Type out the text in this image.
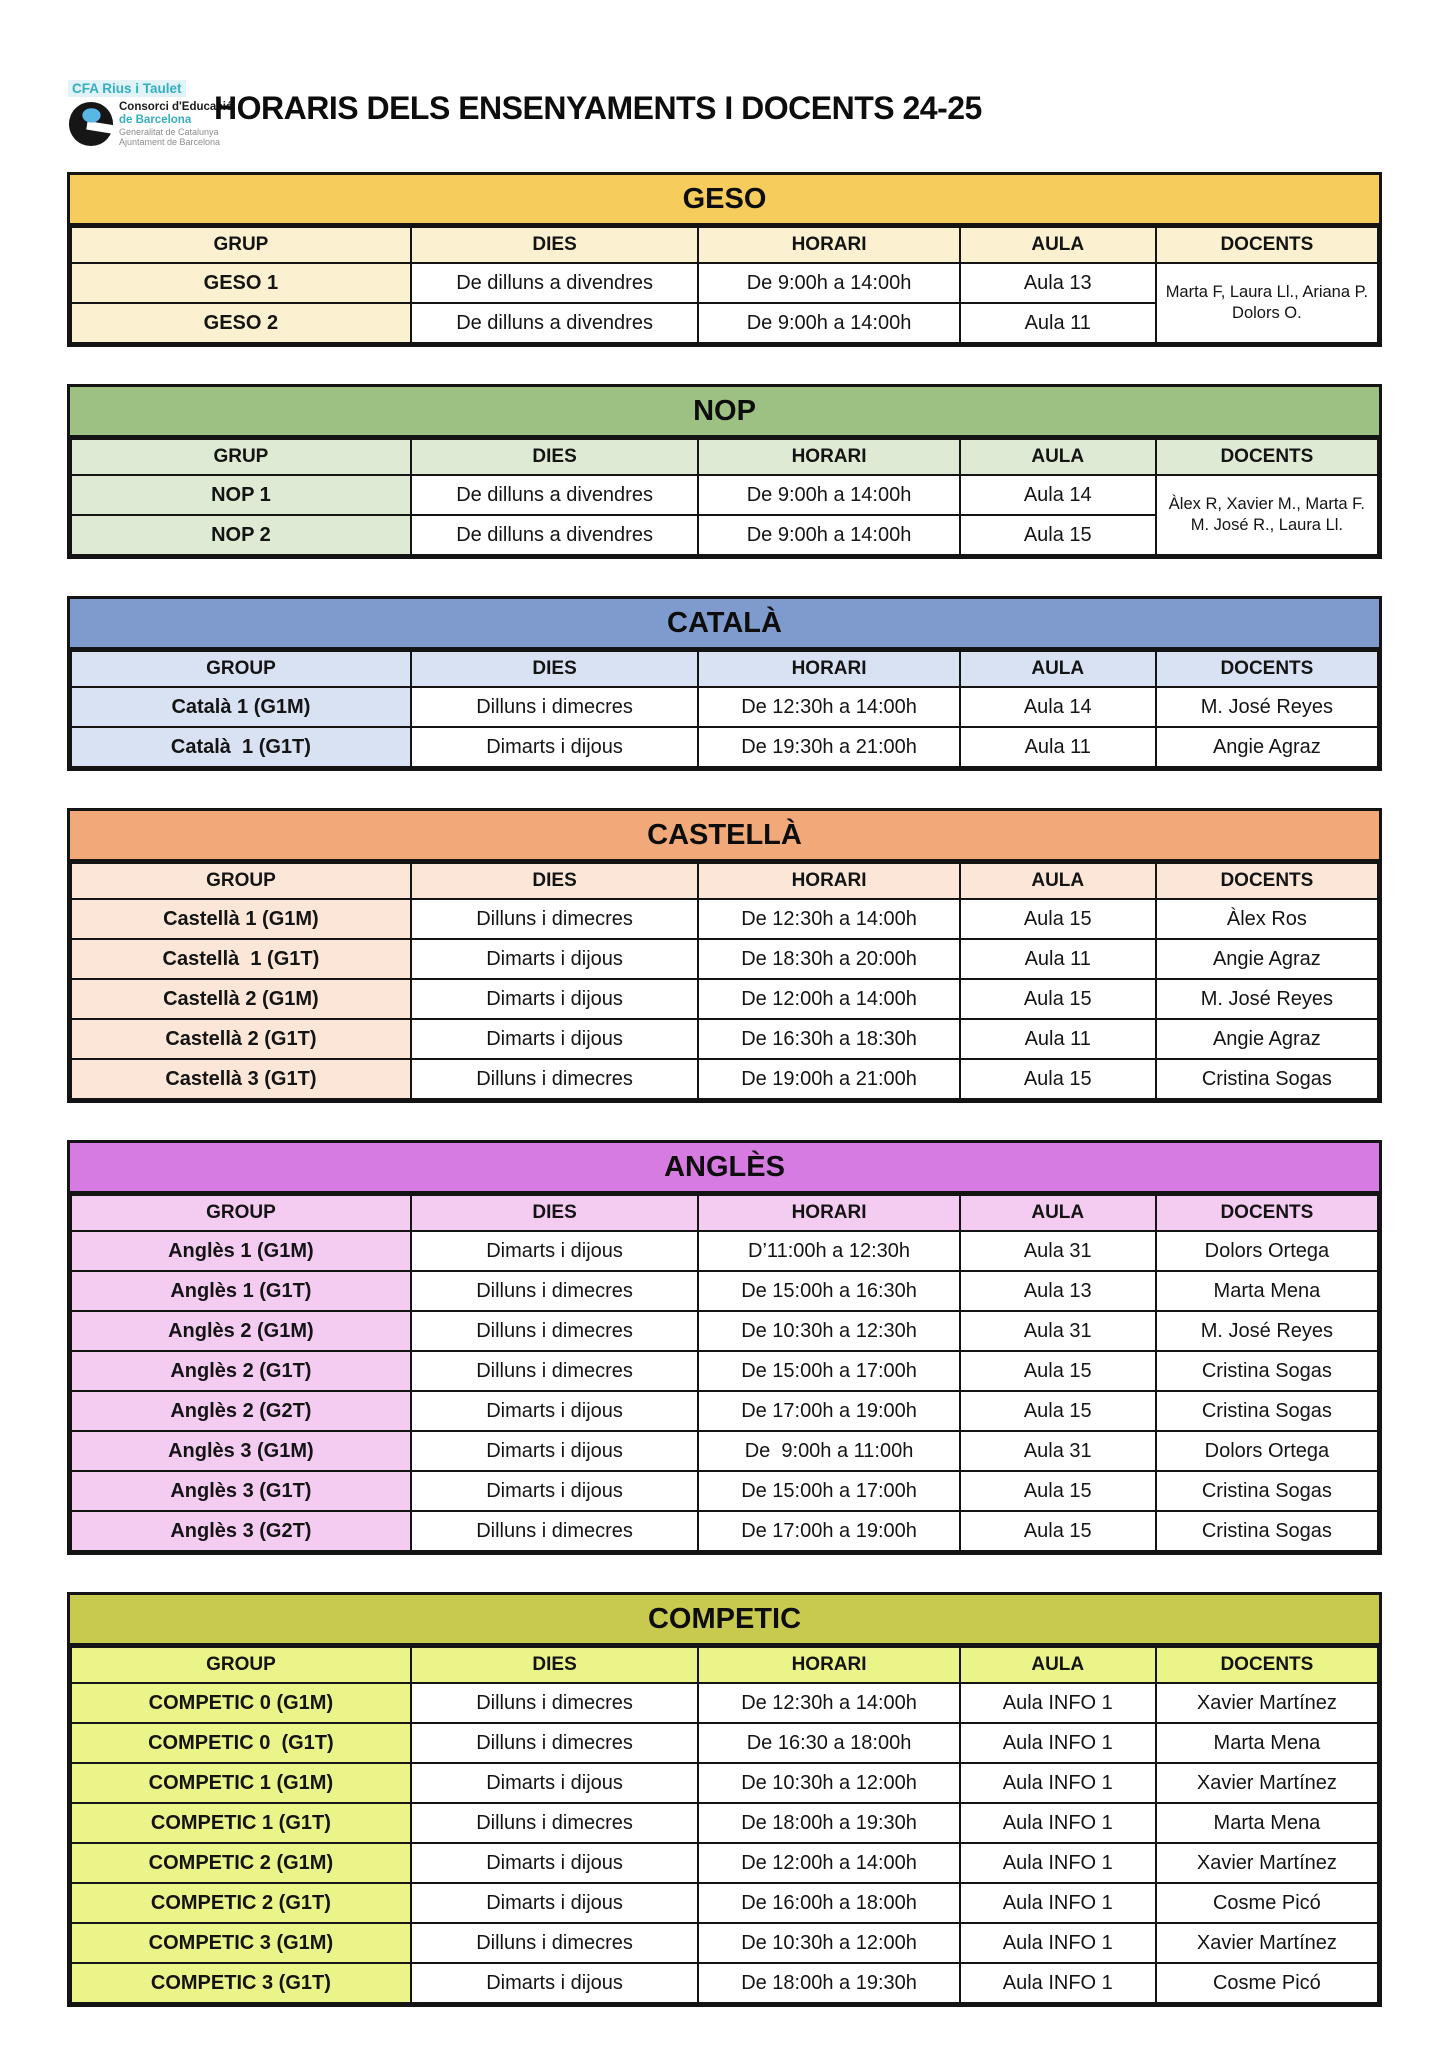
CFA Rius i Taulet
Consorci d'Educació
de Barcelona
Generalitat de Catalunya
Ajuntament de Barcelona
HORARIS DELS ENSENYAMENTS I DOCENTS 24-25
GESO
GRUP	DIES	HORARI	AULA	DOCENTS
GESO 1	De dilluns a divendres	De 9:00h a 14:00h	Aula 13	Marta F, Laura Ll., Ariana P. Dolors O.
GESO 2	De dilluns a divendres	De 9:00h a 14:00h	Aula 11	
NOP
GRUP	DIES	HORARI	AULA	DOCENTS
NOP 1	De dilluns a divendres	De 9:00h a 14:00h	Aula 14	Àlex R, Xavier M., Marta F. M. José R., Laura Ll.
NOP 2	De dilluns a divendres	De 9:00h a 14:00h	Aula 15	
CATALÀ
GROUP	DIES	HORARI	AULA	DOCENTS
Català 1 (G1M)	Dilluns i dimecres	De 12:30h a 14:00h	Aula 14	M. José Reyes
Català  1 (G1T)	Dimarts i dijous	De 19:30h a 21:00h	Aula 11	Angie Agraz
CASTELLÀ
GROUP	DIES	HORARI	AULA	DOCENTS
Castellà 1 (G1M)	Dilluns i dimecres	De 12:30h a 14:00h	Aula 15	Àlex Ros
Castellà  1 (G1T)	Dimarts i dijous	De 18:30h a 20:00h	Aula 11	Angie Agraz
Castellà 2 (G1M)	Dimarts i dijous	De 12:00h a 14:00h	Aula 15	M. José Reyes
Castellà 2 (G1T)	Dimarts i dijous	De 16:30h a 18:30h	Aula 11	Angie Agraz
Castellà 3 (G1T)	Dilluns i dimecres	De 19:00h a 21:00h	Aula 15	Cristina Sogas
ANGLÈS
GROUP	DIES	HORARI	AULA	DOCENTS
Anglès 1 (G1M)	Dimarts i dijous	D’11:00h a 12:30h	Aula 31	Dolors Ortega
Anglès 1 (G1T)	Dilluns i dimecres	De 15:00h a 16:30h	Aula 13	Marta Mena
Anglès 2 (G1M)	Dilluns i dimecres	De 10:30h a 12:30h	Aula 31	M. José Reyes
Anglès 2 (G1T)	Dilluns i dimecres	De 15:00h a 17:00h	Aula 15	Cristina Sogas
Anglès 2 (G2T)	Dimarts i dijous	De 17:00h a 19:00h	Aula 15	Cristina Sogas
Anglès 3 (G1M)	Dimarts i dijous	De  9:00h a 11:00h	Aula 31	Dolors Ortega
Anglès 3 (G1T)	Dimarts i dijous	De 15:00h a 17:00h	Aula 15	Cristina Sogas
Anglès 3 (G2T)	Dilluns i dimecres	De 17:00h a 19:00h	Aula 15	Cristina Sogas
COMPETIC
GROUP	DIES	HORARI	AULA	DOCENTS
COMPETIC 0 (G1M)	Dilluns i dimecres	De 12:30h a 14:00h	Aula INFO 1	Xavier Martínez
COMPETIC 0  (G1T)	Dilluns i dimecres	De 16:30 a 18:00h	Aula INFO 1	Marta Mena
COMPETIC 1 (G1M)	Dimarts i dijous	De 10:30h a 12:00h	Aula INFO 1	Xavier Martínez
COMPETIC 1 (G1T)	Dilluns i dimecres	De 18:00h a 19:30h	Aula INFO 1	Marta Mena
COMPETIC 2 (G1M)	Dimarts i dijous	De 12:00h a 14:00h	Aula INFO 1	Xavier Martínez
COMPETIC 2 (G1T)	Dimarts i dijous	De 16:00h a 18:00h	Aula INFO 1	Cosme Picó
COMPETIC 3 (G1M)	Dilluns i dimecres	De 10:30h a 12:00h	Aula INFO 1	Xavier Martínez
COMPETIC 3 (G1T)	Dimarts i dijous	De 18:00h a 19:30h	Aula INFO 1	Cosme Picó
